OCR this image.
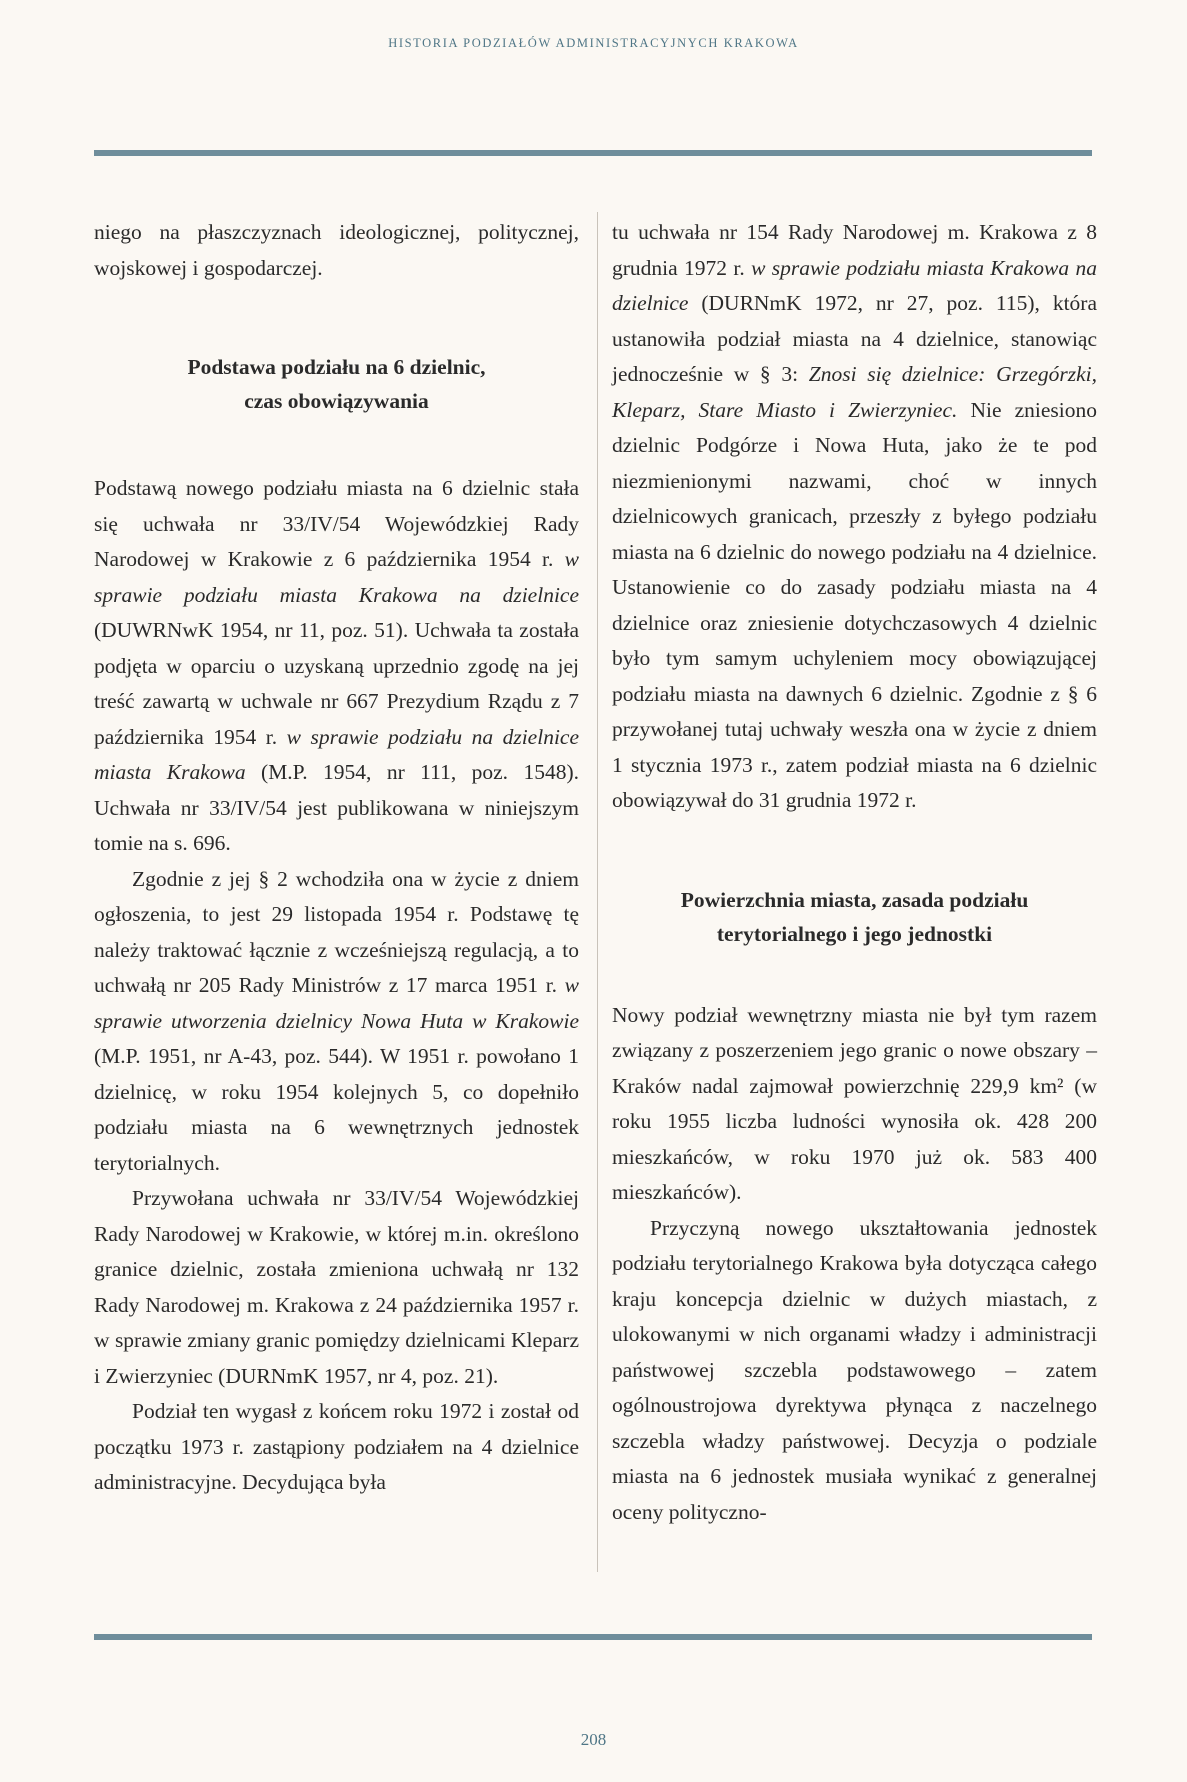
HISTORIA PODZIAŁÓW ADMINISTRACYJNYCH KRAKOWA

niego na płaszczyznach ideologicznej, politycznej, wojskowej i gospodarczej.

Podstawa podziału na 6 dzielnic,
czas obowiązywania

Podstawą nowego podziału miasta na 6 dzielnic stała się uchwała nr 33/IV/54 Wojewódzkiej Rady Narodowej w Krakowie z 6 października 1954 r. w sprawie podziału miasta Krakowa na dzielnice (DUWRNwK 1954, nr 11, poz. 51). Uchwała ta została podjęta w oparciu o uzyskaną uprzednio zgodę na jej treść zawartą w uchwale nr 667 Prezydium Rządu z 7 października 1954 r. w sprawie podziału na dzielnice miasta Krakowa (M.P. 1954, nr 111, poz. 1548). Uchwała nr 33/IV/54 jest publikowana w niniejszym tomie na s. 696.

Zgodnie z jej § 2 wchodziła ona w życie z dniem ogłoszenia, to jest 29 listopada 1954 r. Podstawę tę należy traktować łącznie z wcześniejszą regulacją, a to uchwałą nr 205 Rady Ministrów z 17 marca 1951 r. w sprawie utworzenia dzielnicy Nowa Huta w Krakowie (M.P. 1951, nr A-43, poz. 544). W 1951 r. powołano 1 dzielnicę, w roku 1954 kolejnych 5, co dopełniło podziału miasta na 6 wewnętrznych jednostek terytorialnych.

Przywołana uchwała nr 33/IV/54 Wojewódzkiej Rady Narodowej w Krakowie, w której m.in. określono granice dzielnic, została zmieniona uchwałą nr 132 Rady Narodowej m. Krakowa z 24 października 1957 r. w sprawie zmiany granic pomiędzy dzielnicami Kleparz i Zwierzyniec (DURNmK 1957, nr 4, poz. 21).

Podział ten wygasł z końcem roku 1972 i został od początku 1973 r. zastąpiony podziałem na 4 dzielnice administracyjne. Decydująca była

tu uchwała nr 154 Rady Narodowej m. Krakowa z 8 grudnia 1972 r. w sprawie podziału miasta Krakowa na dzielnice (DURNmK 1972, nr 27, poz. 115), która ustanowiła podział miasta na 4 dzielnice, stanowiąc jednocześnie w § 3: Znosi się dzielnice: Grzegórzki, Kleparz, Stare Miasto i Zwierzyniec. Nie zniesiono dzielnic Podgórze i Nowa Huta, jako że te pod niezmienionymi nazwami, choć w innych dzielnicowych granicach, przeszły z byłego podziału miasta na 6 dzielnic do nowego podziału na 4 dzielnice. Ustanowienie co do zasady podziału miasta na 4 dzielnice oraz zniesienie dotychczasowych 4 dzielnic było tym samym uchyleniem mocy obowiązującej podziału miasta na dawnych 6 dzielnic. Zgodnie z § 6 przywołanej tutaj uchwały weszła ona w życie z dniem 1 stycznia 1973 r., zatem podział miasta na 6 dzielnic obowiązywał do 31 grudnia 1972 r.

Powierzchnia miasta, zasada podziału
terytorialnego i jego jednostki

Nowy podział wewnętrzny miasta nie był tym razem związany z poszerzeniem jego granic o nowe obszary – Kraków nadal zajmował powierzchnię 229,9 km² (w roku 1955 liczba ludności wynosiła ok. 428 200 mieszkańców, w roku 1970 już ok. 583 400 mieszkańców).

Przyczyną nowego ukształtowania jednostek podziału terytorialnego Krakowa była dotycząca całego kraju koncepcja dzielnic w dużych miastach, z ulokowanymi w nich organami władzy i administracji państwowej szczebla podstawowego – zatem ogólnoustrojowa dyrektywa płynąca z naczelnego szczebla władzy państwowej. Decyzja o podziale miasta na 6 jednostek musiała wynikać z generalnej oceny polityczno-

208
